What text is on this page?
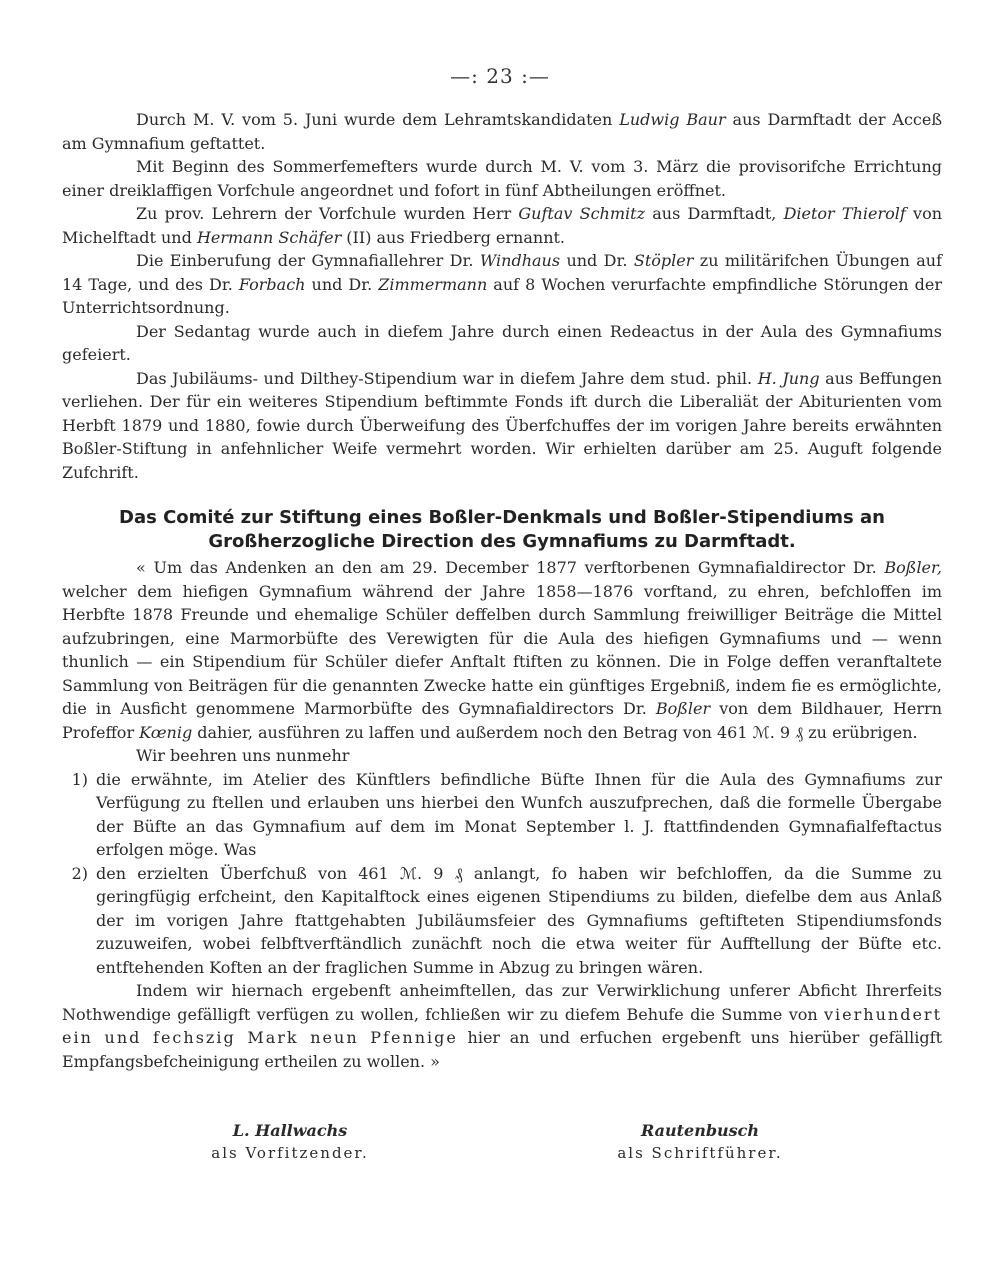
—: 23 :—

Durch M. V. vom 5. Juni wurde dem Lehramtskandidaten Ludwig Baur aus Darmftadt der Acceß am Gymnafium geftattet.

Mit Beginn des Sommerfemefters wurde durch M. V. vom 3. März die provisorifche Errichtung einer dreiklaffigen Vorfchule angeordnet und fofort in fünf Abtheilungen eröffnet.

Zu prov. Lehrern der Vorfchule wurden Herr Guftav Schmitz aus Darmftadt, Dietor Thierolf von Michelftadt und Hermann Schäfer (II) aus Friedberg ernannt.

Die Einberufung der Gymnafiallehrer Dr. Windhaus und Dr. Stöpler zu militärifchen Übungen auf 14 Tage, und des Dr. Forbach und Dr. Zimmermann auf 8 Wochen verurfachte empfindliche Störungen der Unterrichtsordnung.

Der Sedantag wurde auch in diefem Jahre durch einen Redeactus in der Aula des Gymnafiums gefeiert.

Das Jubiläums- und Dilthey-Stipendium war in diefem Jahre dem stud. phil. H. Jung aus Beffungen verliehen. Der für ein weiteres Stipendium beftimmte Fonds ift durch die Liberaliät der Abiturienten vom Herbft 1879 und 1880, fowie durch Überweifung des Überfchuffes der im vorigen Jahre bereits erwähnten Boßler-Stiftung in anfehnlicher Weife vermehrt worden. Wir erhielten darüber am 25. Auguft folgende Zufchrift.

Das Comité zur Stiftung eines Boßler-Denkmals und Boßler-Stipendiums an
Großherzogliche Direction des Gymnafiums zu Darmftadt.

« Um das Andenken an den am 29. December 1877 verftorbenen Gymnafialdirector Dr. Boßler, welcher dem hiefigen Gymnafium während der Jahre 1858—1876 vorftand, zu ehren, befchloffen im Herbfte 1878 Freunde und ehemalige Schüler deffelben durch Sammlung freiwilliger Beiträge die Mittel aufzubringen, eine Marmorbüfte des Verewigten für die Aula des hiefigen Gymnafiums und — wenn thunlich — ein Stipendium für Schüler diefer Anftalt ftiften zu können. Die in Folge deffen veranftaltete Sammlung von Beiträgen für die genannten Zwecke hatte ein günftiges Ergebniß, indem fie es ermöglichte, die in Ausficht genommene Marmorbüfte des Gymnafialdirectors Dr. Boßler von dem Bildhauer, Herrn Profeffor Kœnig dahier, ausführen zu laffen und außerdem noch den Betrag von 461 ℳ. 9 ₰ zu erübrigen.

Wir beehren uns nunmehr

1) die erwähnte, im Atelier des Künftlers befindliche Büfte Ihnen für die Aula des Gymnafiums zur Verfügung zu ftellen und erlauben uns hierbei den Wunfch auszufprechen, daß die formelle Übergabe der Büfte an das Gymnafium auf dem im Monat September l. J. ftattfindenden Gymnafialfeftactus erfolgen möge. Was
2) den erzielten Überfchuß von 461 ℳ. 9 ₰ anlangt, fo haben wir befchloffen, da die Summe zu geringfügig erfcheint, den Kapitalftock eines eigenen Stipendiums zu bilden, diefelbe dem aus Anlaß der im vorigen Jahre ftattgehabten Jubiläumsfeier des Gymnafiums geftifteten Stipendiumsfonds zuzuweifen, wobei felbftverftändlich zunächft noch die etwa weiter für Aufftellung der Büfte etc. entftehenden Koften an der fraglichen Summe in Abzug zu bringen wären.

Indem wir hiernach ergebenft anheimftellen, das zur Verwirklichung unferer Abficht Ihrerfeits Nothwendige gefälligft verfügen zu wollen, fchließen wir zu diefem Behufe die Summe von vierhundert ein und fechszig Mark neun Pfennige hier an und erfuchen ergebenft uns hierüber gefälligft Empfangsbefcheinigung ertheilen zu wollen. »

L. Hallwachs
als Vorfitzender.
Rautenbusch
als Schriftführer.
